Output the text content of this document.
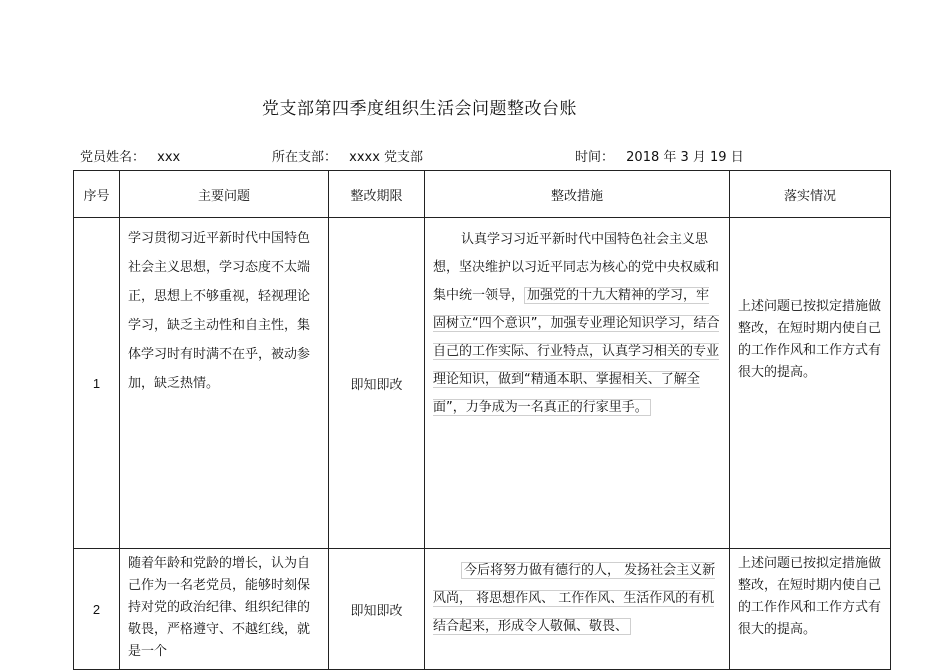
党支部第四季度组织生活会问题整改台账
党员姓名： xxx	所在支部： xxxx 党支部	时间： 2018 年 3 月 19 日
序号	主要问题	整改期限	整改措施	落实情况
1	学习贯彻习近平新时代中国特色社会主义思想，学习态度不太端正，思想上不够重视，轻视理论学习，缺乏主动性和自主性，集体学习时有时满不在乎，被动参加，缺乏热情。	即知即改	认真学习习近平新时代中国特色社会主义思想，坚决维护以习近平同志为核心的党中央权威和集中统一领导， 加强党的十九大精神的学习，牢固树立“四个意识”，加强专业理论知识学习，结合自己的工作实际、行业特点，认真学习相关的专业理论知识，做到“精通本职、掌握相关、了解全面”，力争成为一名真正的行家里手。	上述问题已按拟定措施做整改，在短时期内使自己的工作作风和工作方式有很大的提高。
2	随着年龄和党龄的增长，认为自己作为一名老党员，能够时刻保持对党的政治纪律、组织纪律的敬畏，严格遵守、不越红线，就是一个	即知即改	今后将努力做有德行的人， 发扬社会主义新风尚， 将思想作风、 工作作风、生活作风的有机结合起来，形成令人敬佩、敬畏、	上述问题已按拟定措施做整改，在短时期内使自己的工作作风和工作方式有很大的提高。
